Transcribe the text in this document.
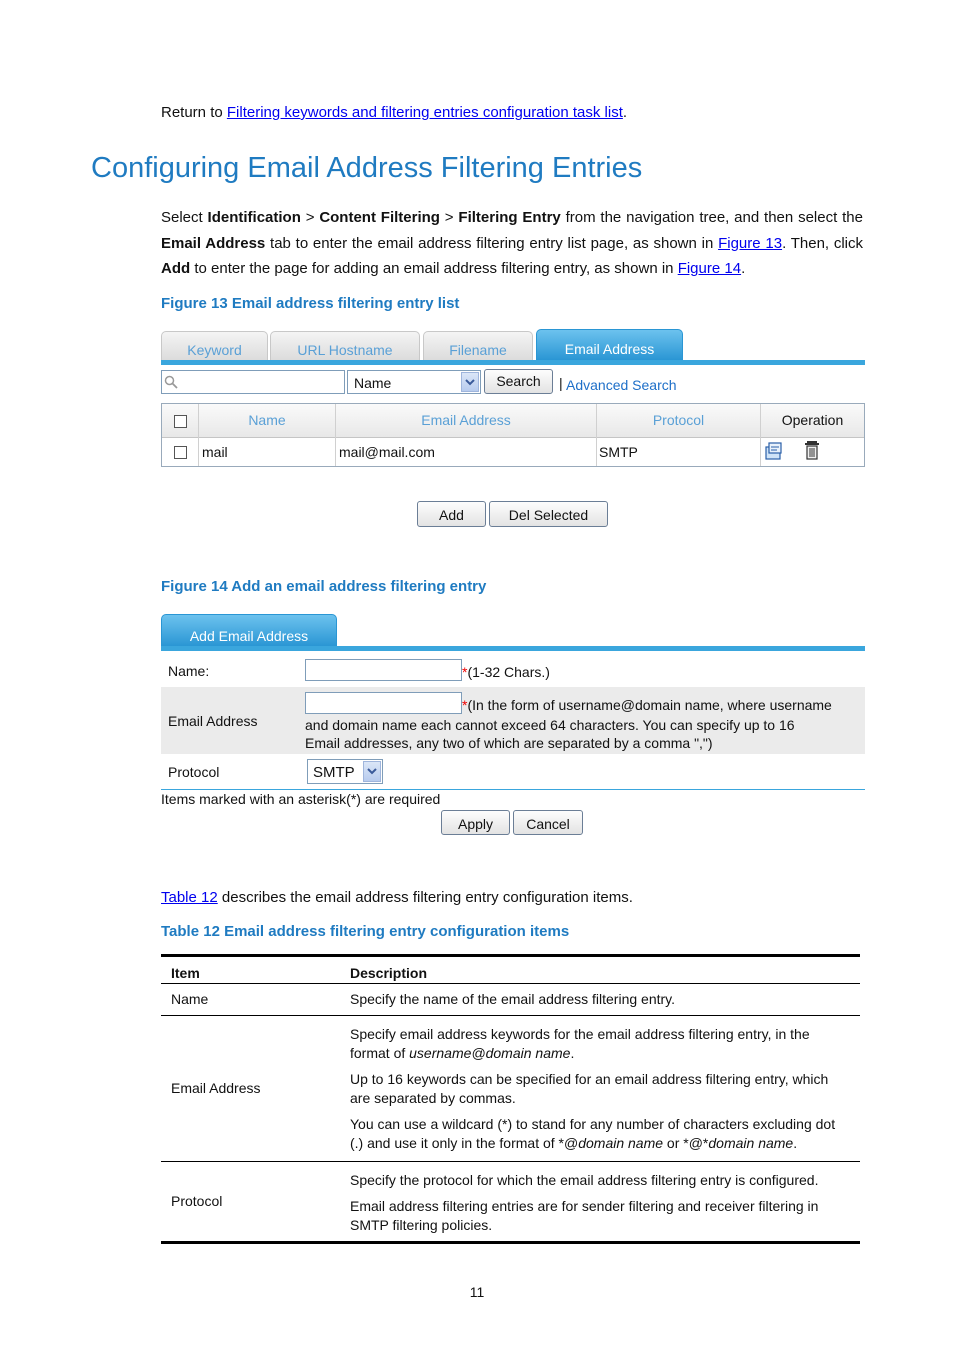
Return to Filtering keywords and filtering entries configuration task list.
Configuring Email Address Filtering Entries
Select Identification > Content Filtering > Filtering Entry from the navigation tree, and then select the Email Address tab to enter the email address filtering entry list page, as shown in Figure 13. Then, click Add to enter the page for adding an email address filtering entry, as shown in Figure 14.
Figure 13 Email address filtering entry list
Keyword	URL Hostname	Filename	Email Address
Name	Search	| Advanced Search
Name	Email Address	Protocol	Operation
mail	mail@mail.com	SMTP
Add	Del Selected
Figure 14 Add an email address filtering entry
Add Email Address
Name:	*(1-32 Chars.)
Email Address
*(In the form of username@domain name, where username
and domain name each cannot exceed 64 characters. You can specify up to 16
Email addresses, any two of which are separated by a comma ",")
Protocol	SMTP
Items marked with an asterisk(*) are required
Apply	Cancel
Table 12 describes the email address filtering entry configuration items.
Table 12 Email address filtering entry configuration items
Item	Description
Name	Specify the name of the email address filtering entry.
Email Address	Specify email address keywords for the email address filtering entry, in the format of username@domain name.

Up to 16 keywords can be specified for an email address filtering entry, which are separated by commas.

You can use a wildcard (*) to stand for any number of characters excluding dot (.) and use it only in the format of *@domain name or *@*domain name.

Protocol	Specify the protocol for which the email address filtering entry is configured.

Email address filtering entries are for sender filtering and receiver filtering in SMTP filtering policies.

11
